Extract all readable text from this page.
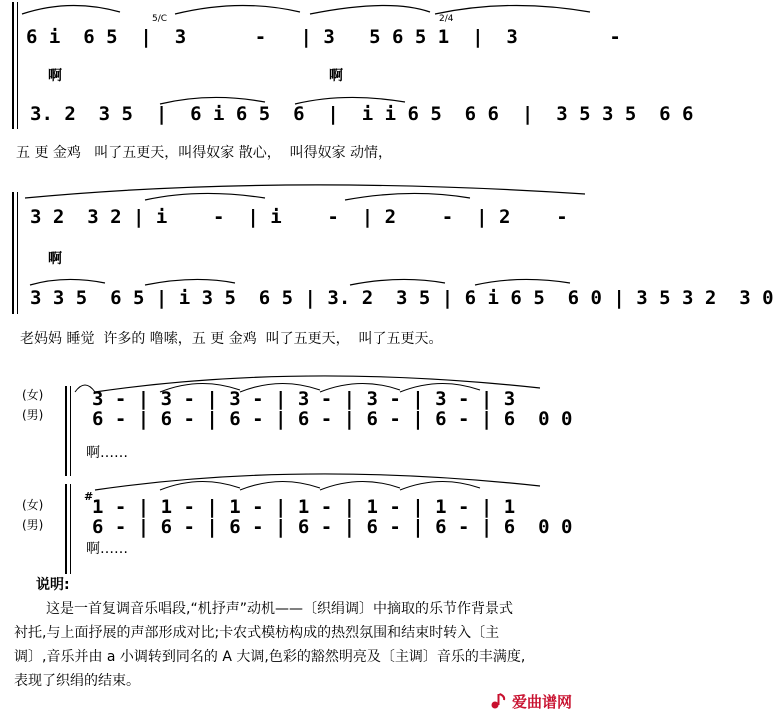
6 i  6 5  |  3      -   | 3   5 6 5 1  |  3        -
5/C	2/4
啊	啊
3. 2  3 5  |  6 i 6 5  6  |  i i 6 5  6 6  |  3 5 3 5  6 6
五 更 金鸡   叫了五更天，叫得奴家 散心，  叫得奴家 动情，
3 2  3 2 | i    -  | i    -  | 2    -  | 2    -
啊
3 3 5  6 5 | i 3 5  6 5 | 3. 2  3 5 | 6 i 6 5  6 0 | 3 5 3 2  3 0
老妈妈 睡觉  许多的 噜嗦，五 更 金鸡  叫了五更天，  叫了五更天。
(女)
(男)
3 - | 3 - | 3 - | 3 - | 3 - | 3 - | 3
6 - | 6 - | 6 - | 6 - | 6 - | 6 - | 6  0 0
啊……
(女)
(男)
#
1 - | 1 - | 1 - | 1 - | 1 - | 1 - | 1
6 - | 6 - | 6 - | 6 - | 6 - | 6 - | 6  0 0
啊……
说明:
这是一首复调音乐唱段,“机抒声”动机——〔织绢调〕中摘取的乐节作背景式
衬托,与上面抒展的声部形成对比;卡农式模枋构成的热烈氛围和结束时转入〔主
调〕,音乐并由 a 小调转到同名的 A 大调,色彩的豁然明亮及〔主调〕音乐的丰满度,
表现了织绢的结束。
爱曲谱网
